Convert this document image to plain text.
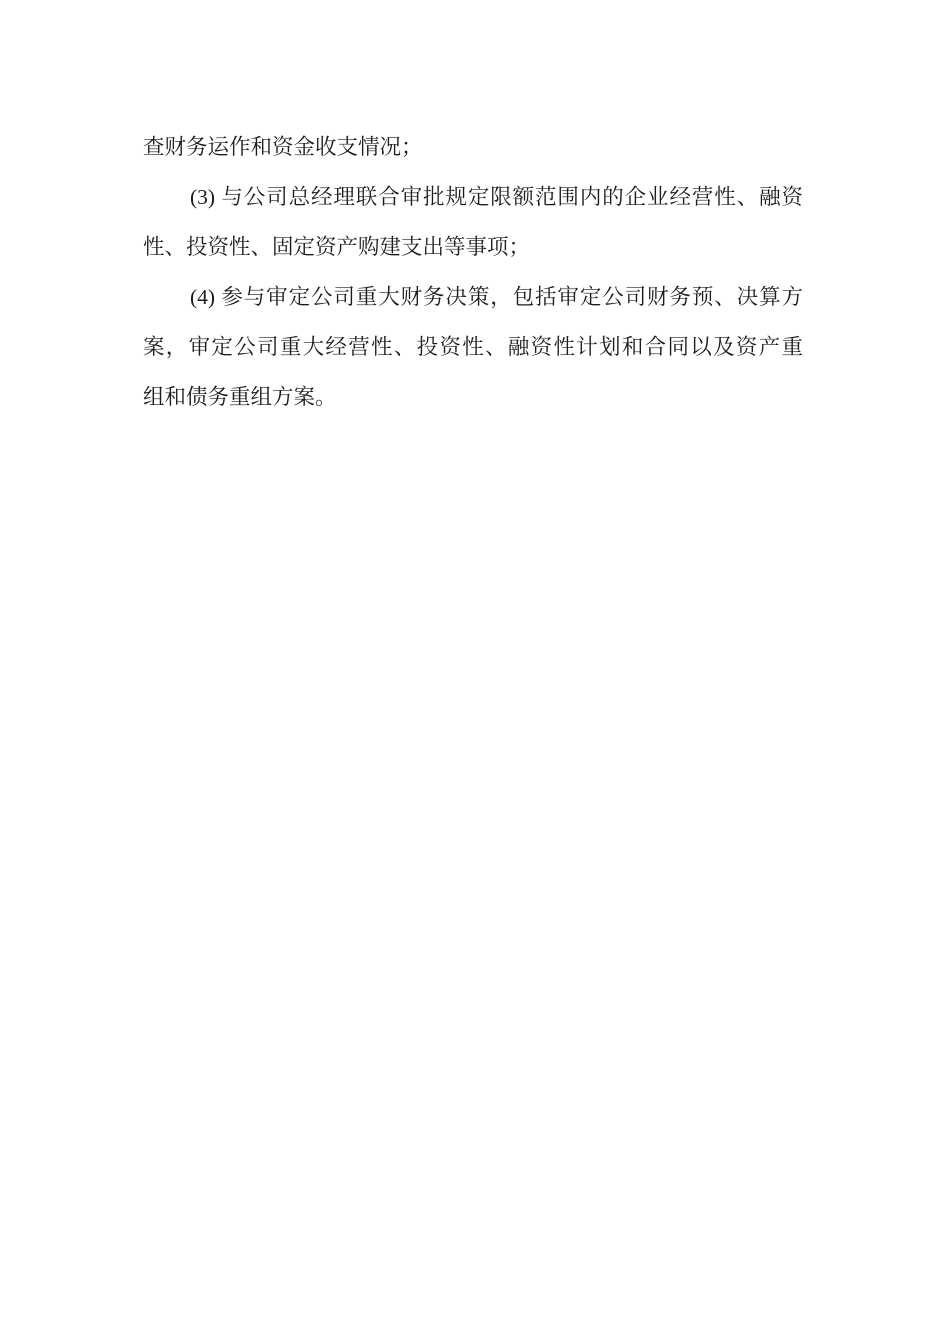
查财务运作和资金收支情况；
(3) 与公司总经理联合审批规定限额范围内的企业经营性、融资
性、投资性、固定资产购建支出等事项；
(4) 参与审定公司重大财务决策，包括审定公司财务预、决算方
案，审定公司重大经营性、投资性、融资性计划和合同以及资产重
组和债务重组方案。
